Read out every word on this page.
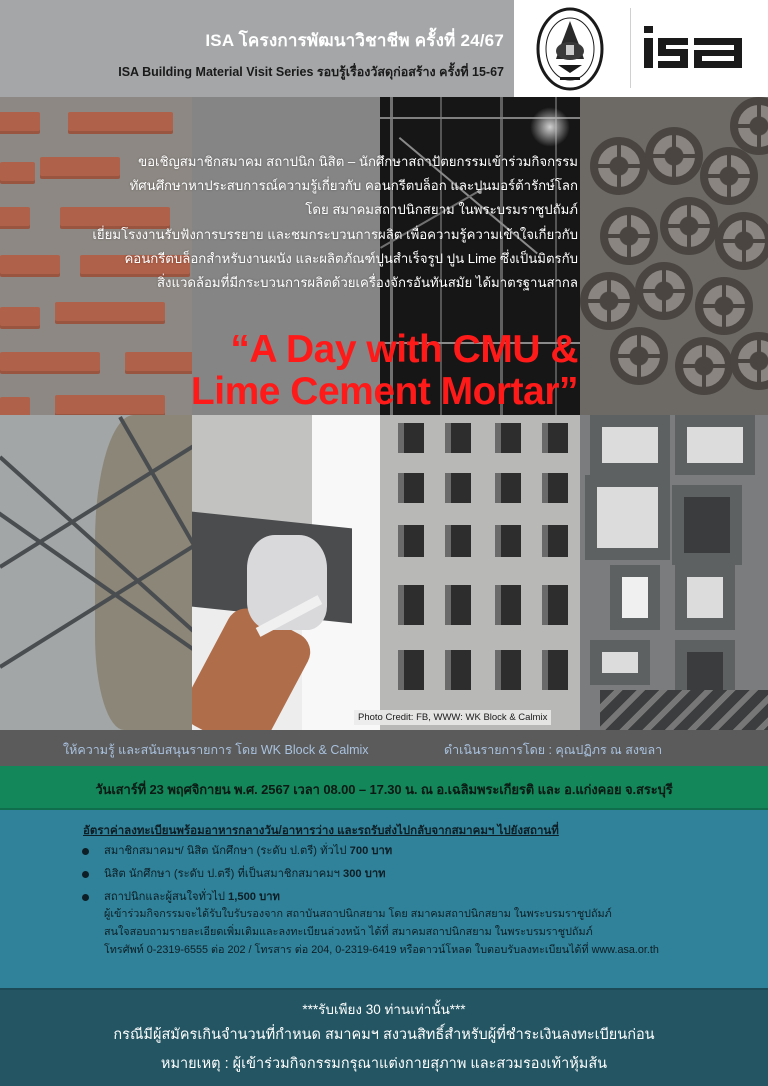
ISA โครงการพัฒนาวิชาชีพ ครั้งที่ 24/67
ISA Building Material Visit Series รอบรู้เรื่องวัสดุก่อสร้าง ครั้งที่ 15-67
ขอเชิญสมาชิกสมาคม สถาปนิก นิสิต – นักศึกษาสถาปัตยกรรมเข้าร่วมกิจกรรม
ทัศนศึกษาหาประสบการณ์ความรู้เกี่ยวกับ คอนกรีตบล็อก และปูนมอร์ต้ารักษ์โลก
โดย สมาคมสถาปนิกสยาม ในพระบรมราชูปถัมภ์
เยี่ยมโรงงานรับฟังการบรรยาย และชมกระบวนการผลิต เพื่อความรู้ความเข้าใจเกี่ยวกับ
คอนกรีตบล็อกสำหรับงานผนัง และผลิตภัณฑ์ปูนสำเร็จรูป ปูน Lime ซึ่งเป็นมิตรกับ
สิ่งแวดล้อมที่มีกระบวนการผลิตด้วยเครื่องจักรอันทันสมัย ได้มาตรฐานสากล
“A Day with CMU &
Lime Cement Mortar”
Photo Credit: FB, WWW: WK Block & Calmix
ให้ความรู้ และสนับสนุนรายการ โดย WK Block & Calmix	ดำเนินรายการโดย : คุณปฏิภร ณ สงขลา
วันเสาร์ที่ 23 พฤศจิกายน พ.ศ. 2567 เวลา 08.00 – 17.30 น. ณ อ.เฉลิมพระเกียรติ และ อ.แก่งคอย จ.สระบุรี
อัตราค่าลงทะเบียนพร้อมอาหารกลางวัน/อาหารว่าง และรถรับส่งไปกลับจากสมาคมฯ ไปยังสถานที่
สมาชิกสมาคมฯ/ นิสิต นักศึกษา (ระดับ ป.ตรี) ทั่วไป 700 บาท
นิสิต นักศึกษา (ระดับ ป.ตรี) ที่เป็นสมาชิกสมาคมฯ 300 บาท
สถาปนิกและผู้สนใจทั่วไป 1,500 บาท
ผู้เข้าร่วมกิจกรรมจะได้รับใบรับรองจาก สถาบันสถาปนิกสยาม โดย สมาคมสถาปนิกสยาม ในพระบรมราชูปถัมภ์
สนใจสอบถามรายละเอียดเพิ่มเติมและลงทะเบียนล่วงหน้า ได้ที่ สมาคมสถาปนิกสยาม ในพระบรมราชูปถัมภ์
โทรศัพท์ 0-2319-6555 ต่อ 202 / โทรสาร ต่อ 204, 0-2319-6419 หรือดาวน์โหลด ใบตอบรับลงทะเบียนได้ที่ www.asa.or.th
***รับเพียง 30 ท่านเท่านั้น***
กรณีมีผู้สมัครเกินจำนวนที่กำหนด สมาคมฯ สงวนสิทธิ์สำหรับผู้ที่ชำระเงินลงทะเบียนก่อน
หมายเหตุ : ผู้เข้าร่วมกิจกรรมกรุณาแต่งกายสุภาพ และสวมรองเท้าหุ้มส้น
